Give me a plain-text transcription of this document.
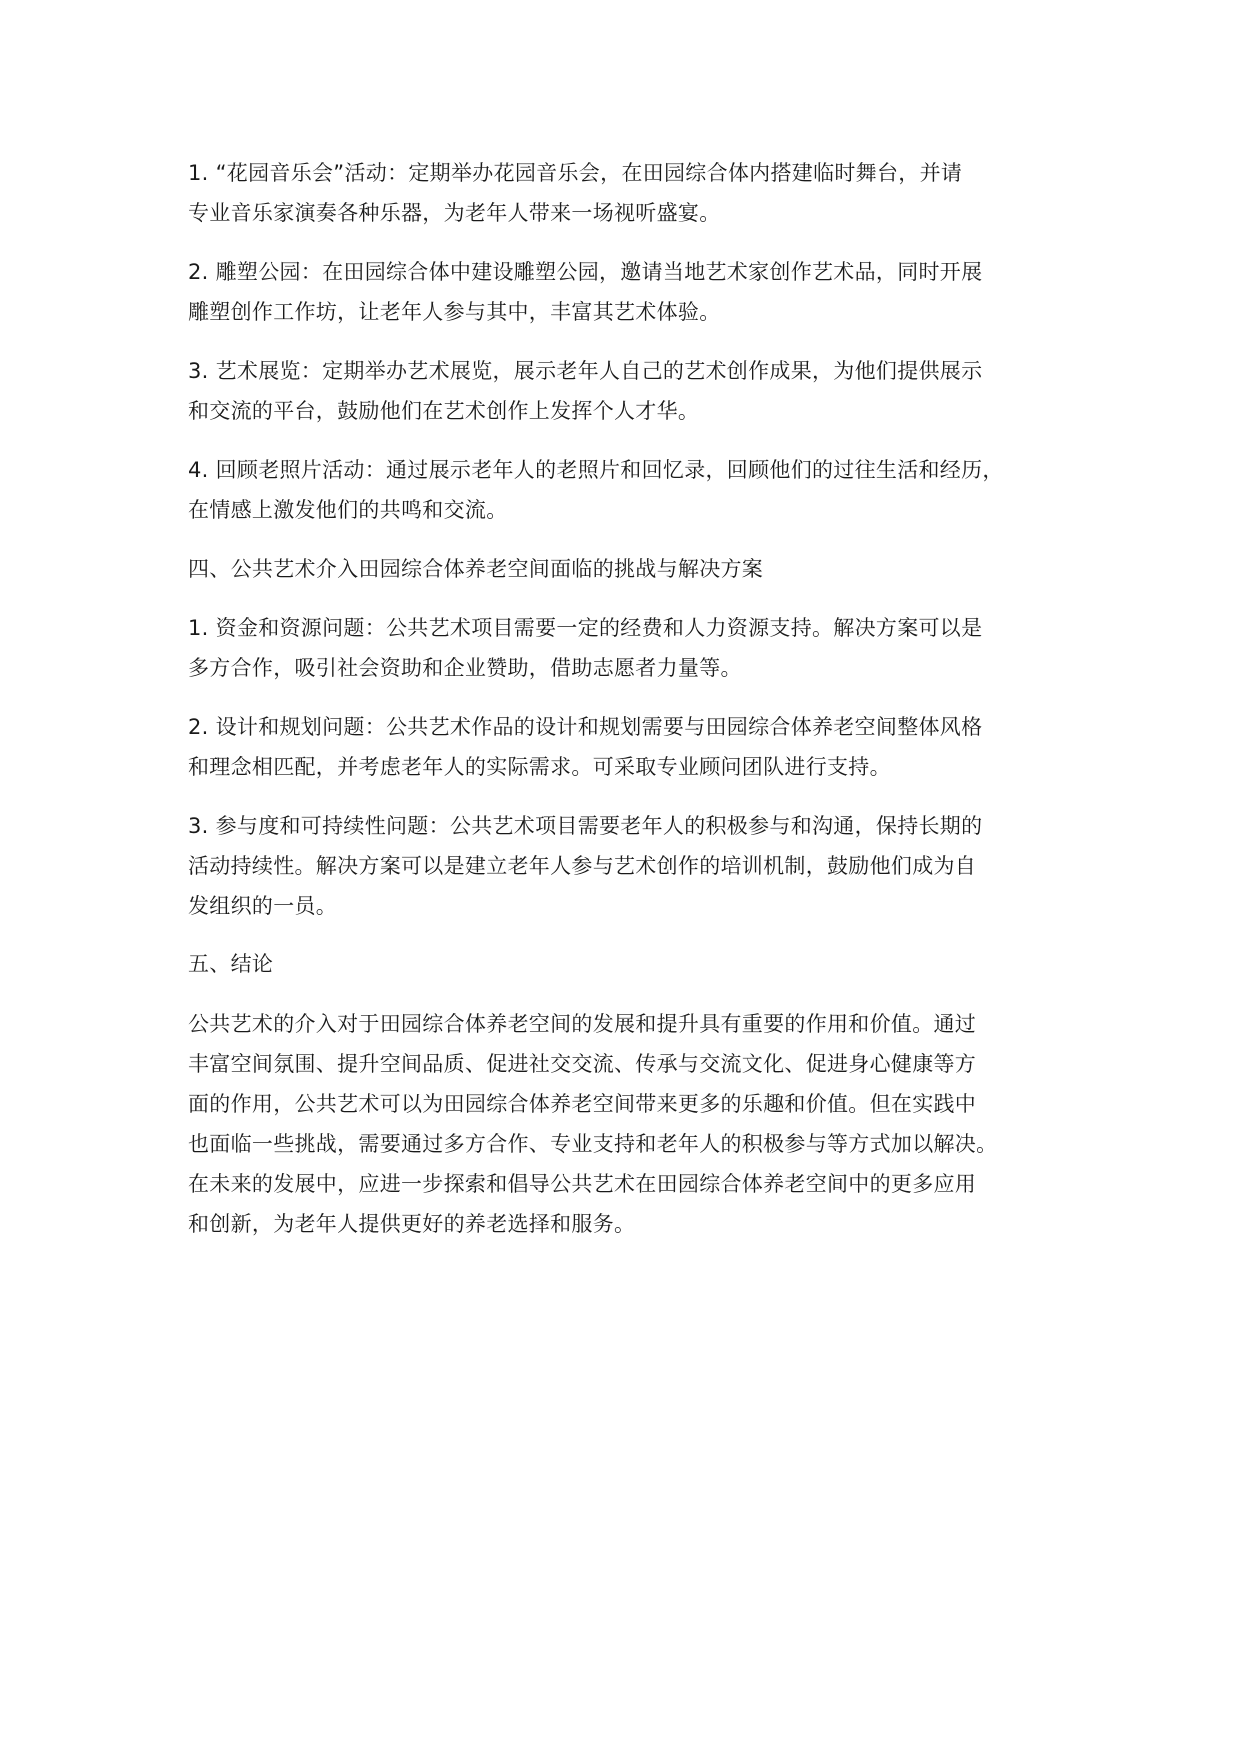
1. “花园音乐会”活动：定期举办花园音乐会，在田园综合体内搭建临时舞台，并请
专业音乐家演奏各种乐器，为老年人带来一场视听盛宴。

2. 雕塑公园：在田园综合体中建设雕塑公园，邀请当地艺术家创作艺术品，同时开展
雕塑创作工作坊，让老年人参与其中，丰富其艺术体验。

3. 艺术展览：定期举办艺术展览，展示老年人自己的艺术创作成果，为他们提供展示
和交流的平台，鼓励他们在艺术创作上发挥个人才华。

4. 回顾老照片活动：通过展示老年人的老照片和回忆录，回顾他们的过往生活和经历，
在情感上激发他们的共鸣和交流。

四、公共艺术介入田园综合体养老空间面临的挑战与解决方案

1. 资金和资源问题：公共艺术项目需要一定的经费和人力资源支持。解决方案可以是
多方合作，吸引社会资助和企业赞助，借助志愿者力量等。

2. 设计和规划问题：公共艺术作品的设计和规划需要与田园综合体养老空间整体风格
和理念相匹配，并考虑老年人的实际需求。可采取专业顾问团队进行支持。

3. 参与度和可持续性问题：公共艺术项目需要老年人的积极参与和沟通，保持长期的
活动持续性。解决方案可以是建立老年人参与艺术创作的培训机制，鼓励他们成为自
发组织的一员。

五、结论

公共艺术的介入对于田园综合体养老空间的发展和提升具有重要的作用和价值。通过
丰富空间氛围、提升空间品质、促进社交交流、传承与交流文化、促进身心健康等方
面的作用，公共艺术可以为田园综合体养老空间带来更多的乐趣和价值。但在实践中
也面临一些挑战，需要通过多方合作、专业支持和老年人的积极参与等方式加以解决。
在未来的发展中，应进一步探索和倡导公共艺术在田园综合体养老空间中的更多应用
和创新，为老年人提供更好的养老选择和服务。
